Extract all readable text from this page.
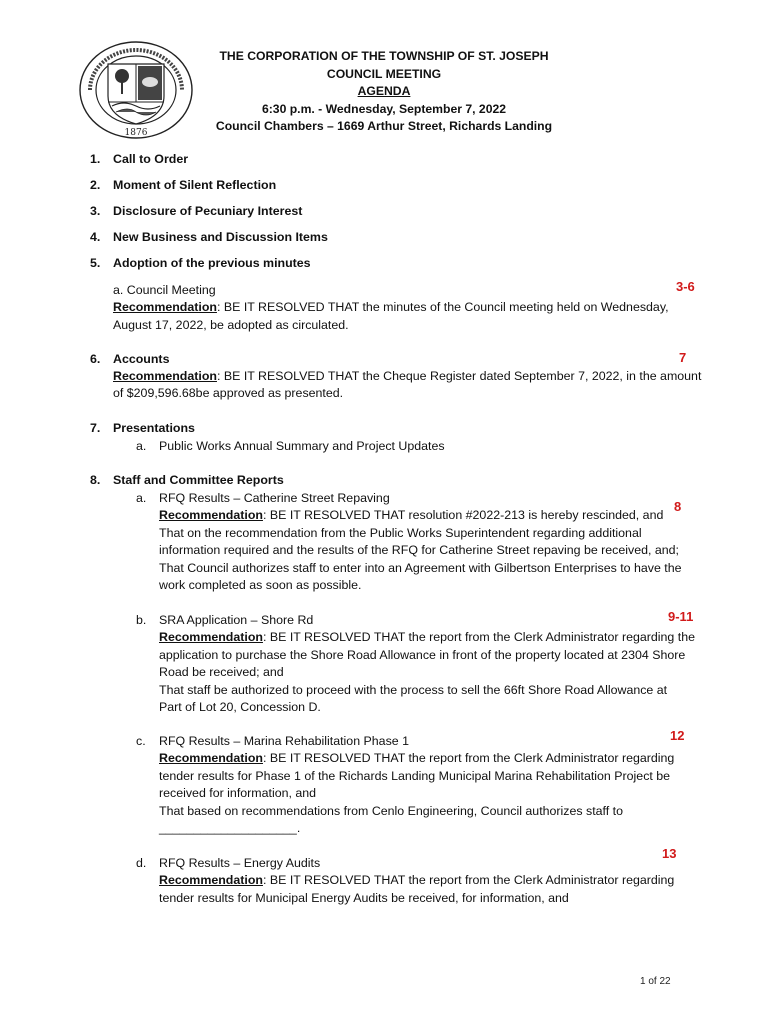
1876
THE CORPORATION OF THE TOWNSHIP OF ST. JOSEPH
COUNCIL MEETING
AGENDA
6:30 p.m. - Wednesday, September 7, 2022
Council Chambers – 1669 Arthur Street, Richards Landing
1. Call to Order
2. Moment of Silent Reflection
3. Disclosure of Pecuniary Interest
4. New Business and Discussion Items
5. Adoption of the previous minutes
a. Council Meeting
Recommendation: BE IT RESOLVED THAT the minutes of the Council meeting held on Wednesday,
August 17, 2022, be adopted as circulated.
3-6
6. Accounts	7
Recommendation: BE IT RESOLVED THAT the Cheque Register dated September 7, 2022, in the amount
of $209,596.68be approved as presented.
7. Presentations
a. Public Works Annual Summary and Project Updates
8. Staff and Committee Reports
a. RFQ Results – Catherine Street Repaving
Recommendation: BE IT RESOLVED THAT resolution #2022-213 is hereby rescinded, and
That on the recommendation from the Public Works Superintendent regarding additional
information required and the results of the RFQ for Catherine Street repaving be received, and;
That Council authorizes staff to enter into an Agreement with Gilbertson Enterprises to have the
work completed as soon as possible.
8
b. SRA Application – Shore Rd
Recommendation: BE IT RESOLVED THAT the report from the Clerk Administrator regarding the
application to purchase the Shore Road Allowance in front of the property located at 2304 Shore
Road be received; and
That staff be authorized to proceed with the process to sell the 66ft Shore Road Allowance at
Part of Lot 20, Concession D.
9-11
c. RFQ Results – Marina Rehabilitation Phase 1
Recommendation: BE IT RESOLVED THAT the report from the Clerk Administrator regarding
tender results for Phase 1 of the Richards Landing Municipal Marina Rehabilitation Project be
received for information, and
That based on recommendations from Cenlo Engineering, Council authorizes staff to
____________________.
12
d. RFQ Results – Energy Audits
Recommendation: BE IT RESOLVED THAT the report from the Clerk Administrator regarding
tender results for Municipal Energy Audits be received, for information, and
13
1 of 22
